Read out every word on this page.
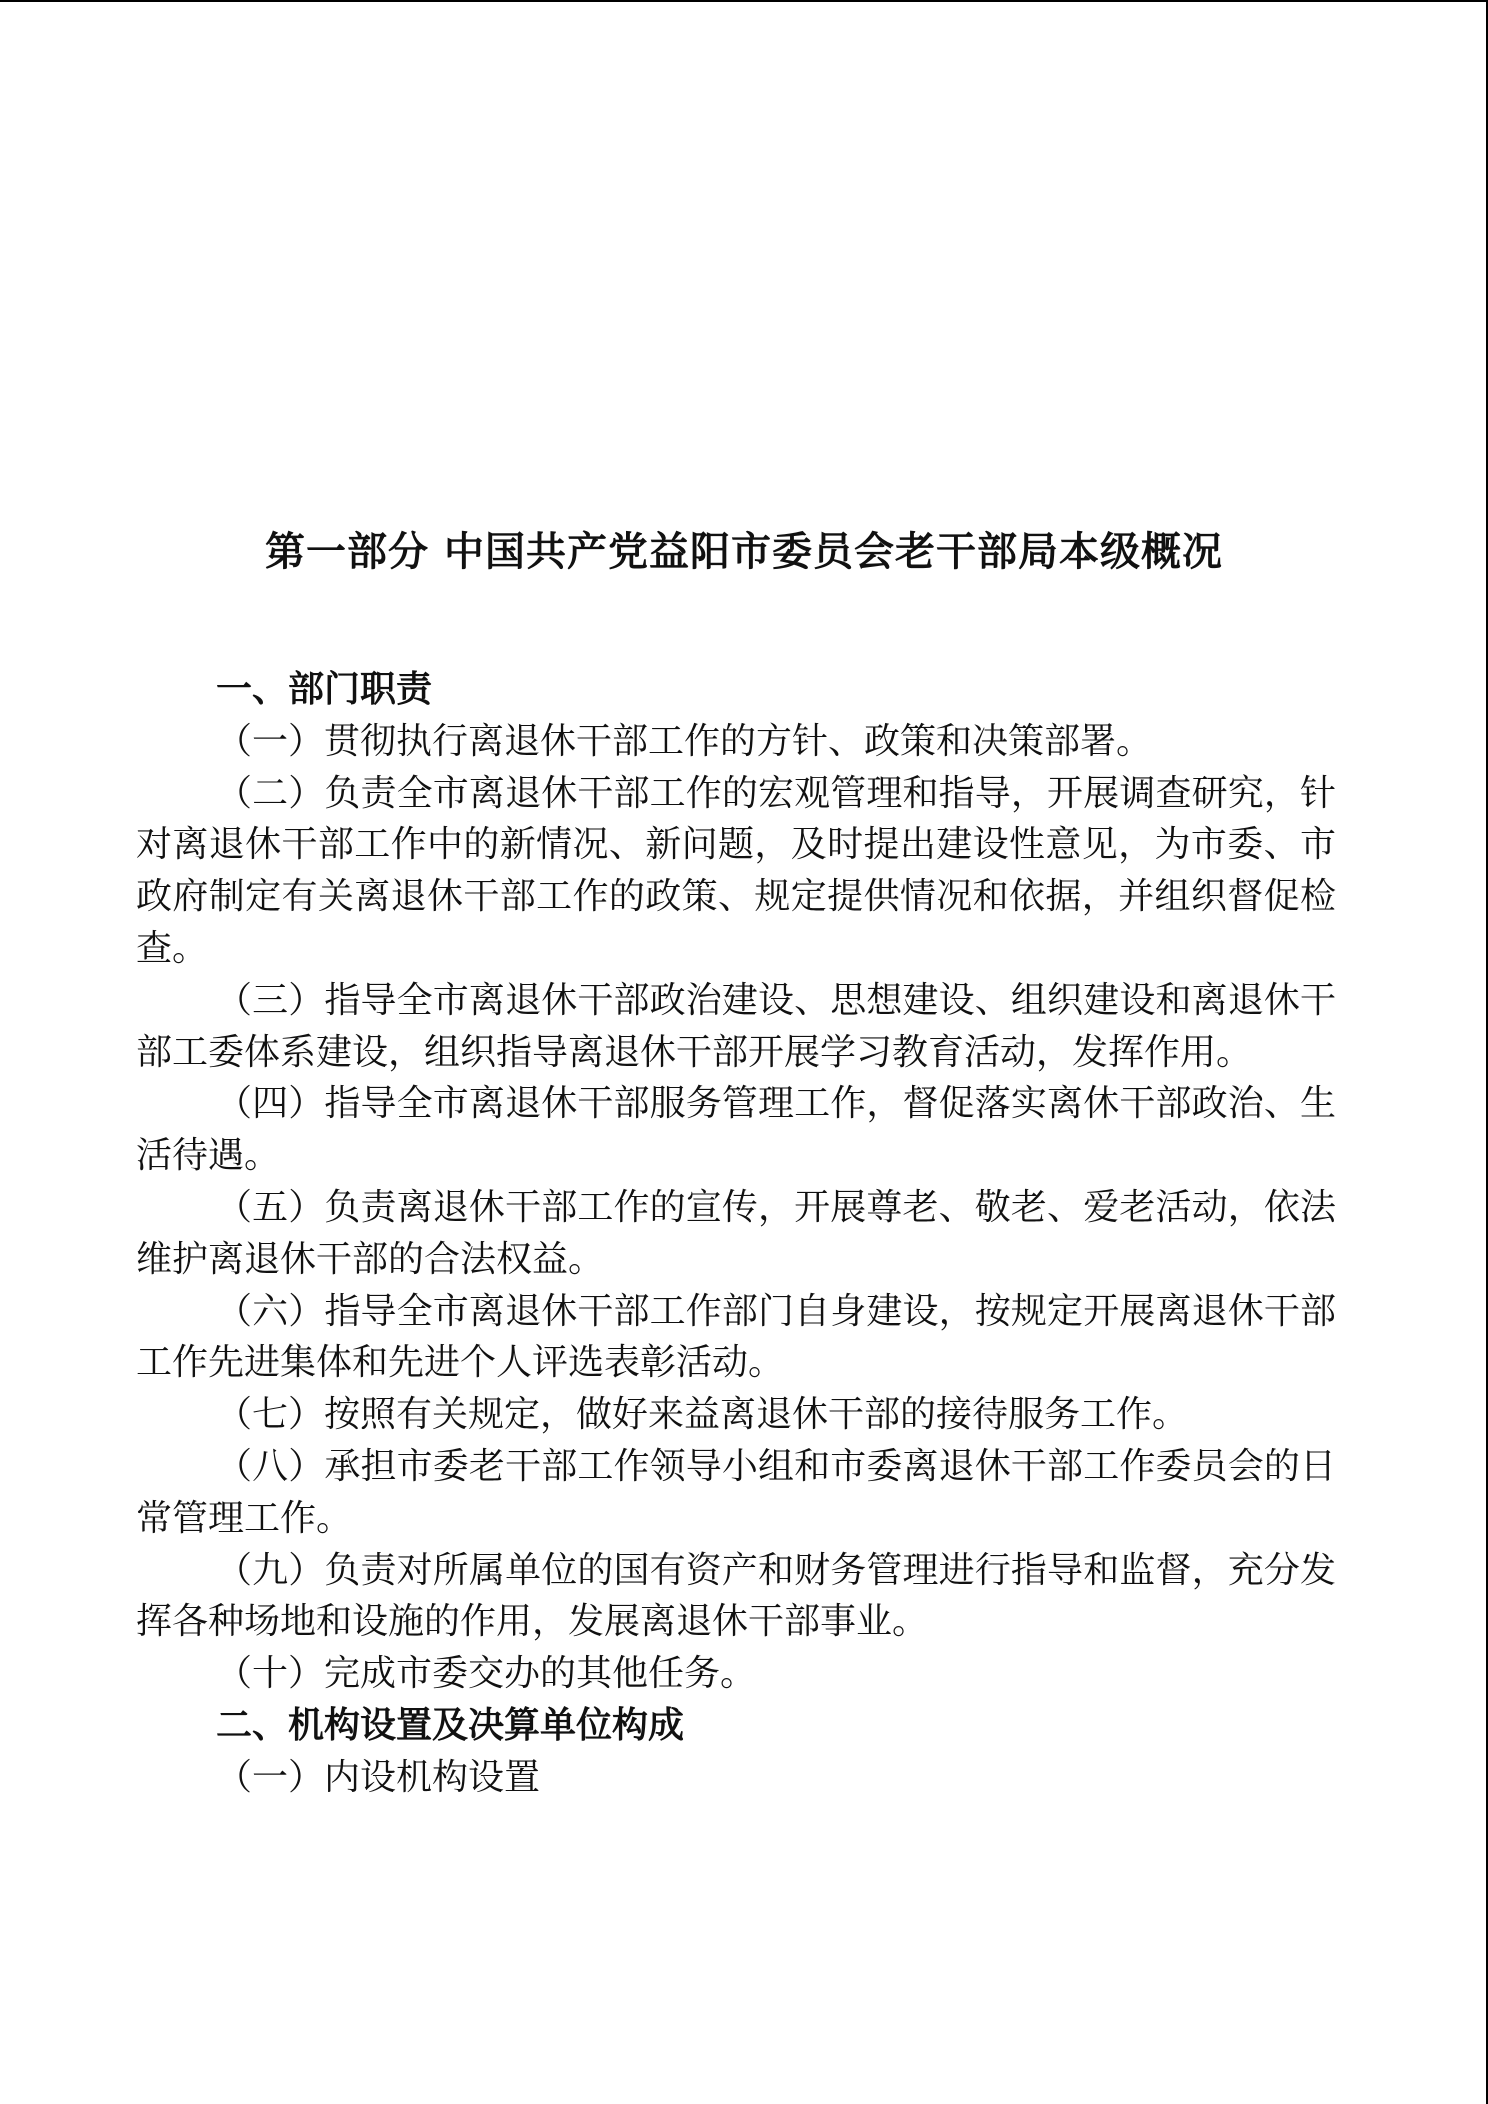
第一部分 中国共产党益阳市委员会老干部局本级概况

一、部门职责

（一）贯彻执行离退休干部工作的方针、政策和决策部署。

（二）负责全市离退休干部工作的宏观管理和指导，开展调查研究，针对离退休干部工作中的新情况、新问题，及时提出建设性意见，为市委、市政府制定有关离退休干部工作的政策、规定提供情况和依据，并组织督促检查。

（三）指导全市离退休干部政治建设、思想建设、组织建设和离退休干部工委体系建设，组织指导离退休干部开展学习教育活动，发挥作用。

（四）指导全市离退休干部服务管理工作，督促落实离休干部政治、生活待遇。

（五）负责离退休干部工作的宣传，开展尊老、敬老、爱老活动，依法维护离退休干部的合法权益。

（六）指导全市离退休干部工作部门自身建设，按规定开展离退休干部工作先进集体和先进个人评选表彰活动。

（七）按照有关规定，做好来益离退休干部的接待服务工作。

（八）承担市委老干部工作领导小组和市委离退休干部工作委员会的日常管理工作。

（九）负责对所属单位的国有资产和财务管理进行指导和监督，充分发挥各种场地和设施的作用，发展离退休干部事业。

（十）完成市委交办的其他任务。

二、机构设置及决算单位构成

（一）内设机构设置
